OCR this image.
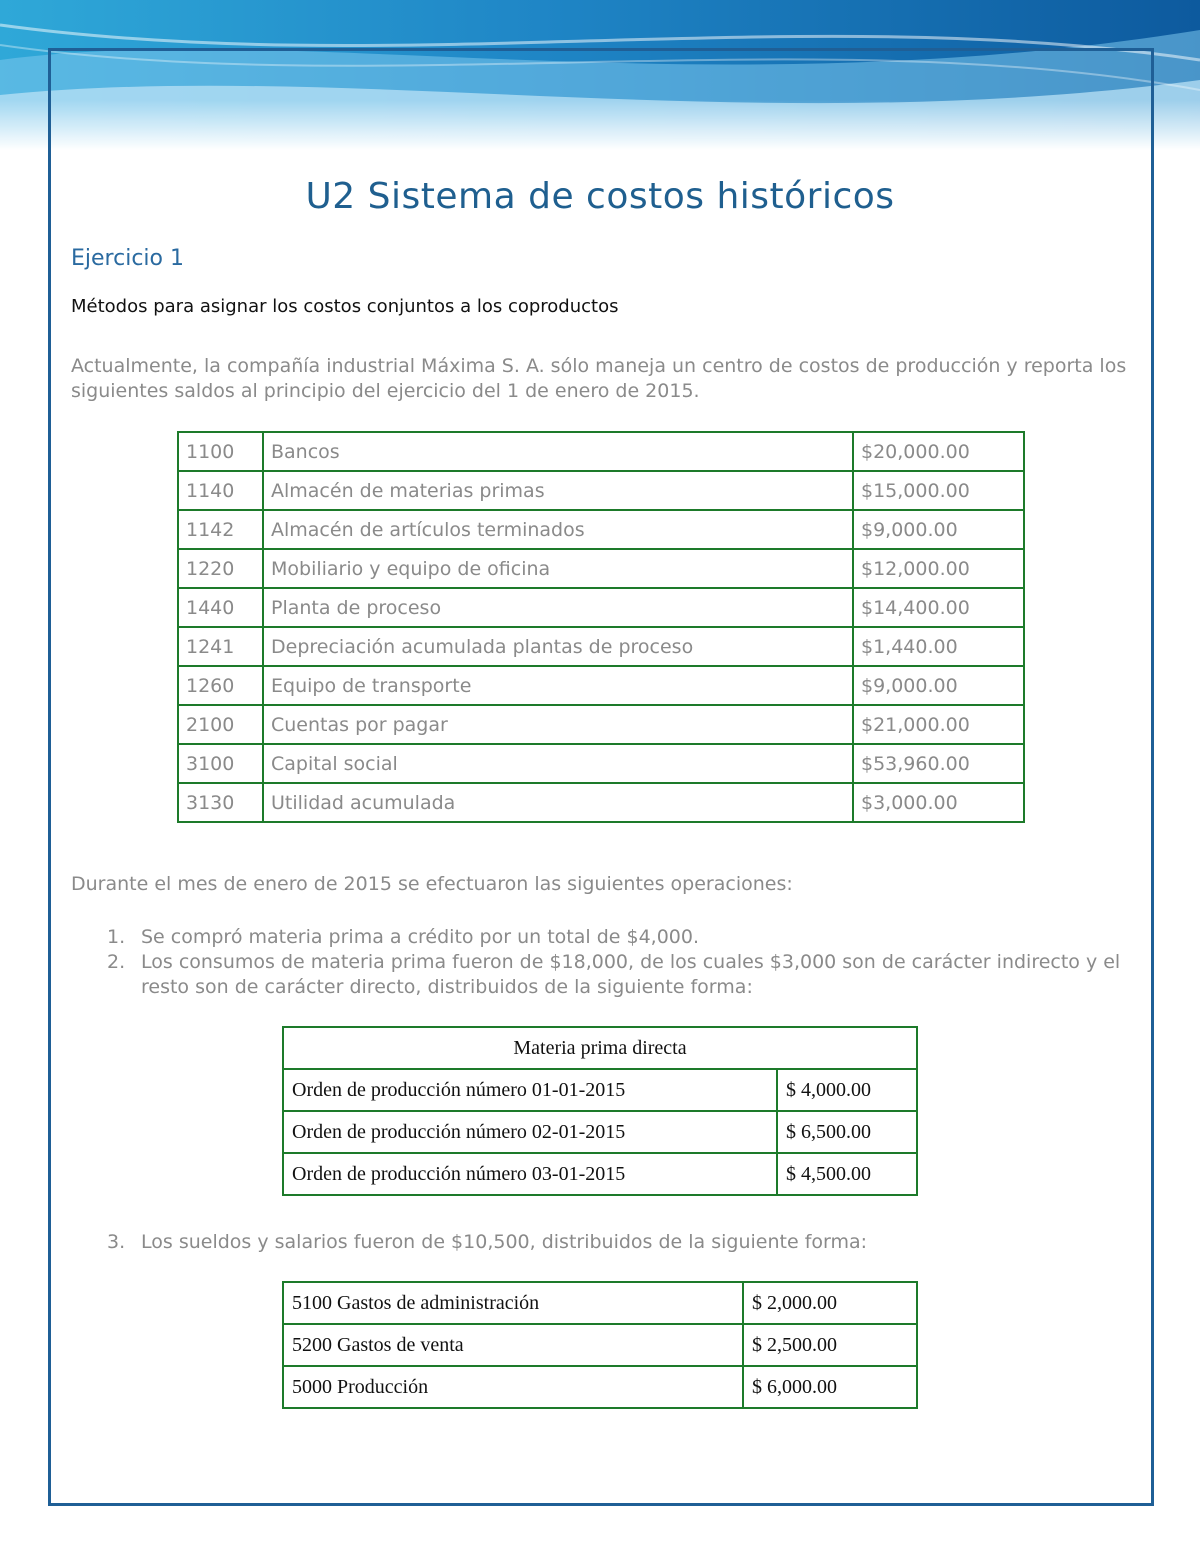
U2 Sistema de costos históricos
Ejercicio 1
Métodos para asignar los costos conjuntos a los coproductos
Actualmente, la compañía industrial Máxima S. A. sólo maneja un centro de costos de producción y reporta los siguientes saldos al principio del ejercicio del 1 de enero de 2015.
1100	Bancos	$20,000.00
1140	Almacén de materias primas	$15,000.00
1142	Almacén de artículos terminados	$9,000.00
1220	Mobiliario y equipo de oficina	$12,000.00
1440	Planta de proceso	$14,400.00
1241	Depreciación acumulada plantas de proceso	$1,440.00
1260	Equipo de transporte	$9,000.00
2100	Cuentas por pagar	$21,000.00
3100	Capital social	$53,960.00
3130	Utilidad acumulada	$3,000.00
Durante el mes de enero de 2015 se efectuaron las siguientes operaciones:
1. Se compró materia prima a crédito por un total de $4,000.
2. Los consumos de materia prima fueron de $18,000, de los cuales $3,000 son de carácter indirecto y el resto son de carácter directo, distribuidos de la siguiente forma:
Materia prima directa	
Orden de producción número 01-01-2015	$ 4,000.00
Orden de producción número 02-01-2015	$ 6,500.00
Orden de producción número 03-01-2015	$ 4,500.00
3. Los sueldos y salarios fueron de $10,500, distribuidos de la siguiente forma:
5100 Gastos de administración	$ 2,000.00
5200 Gastos de venta	$ 2,500.00
5000 Producción	$ 6,000.00
